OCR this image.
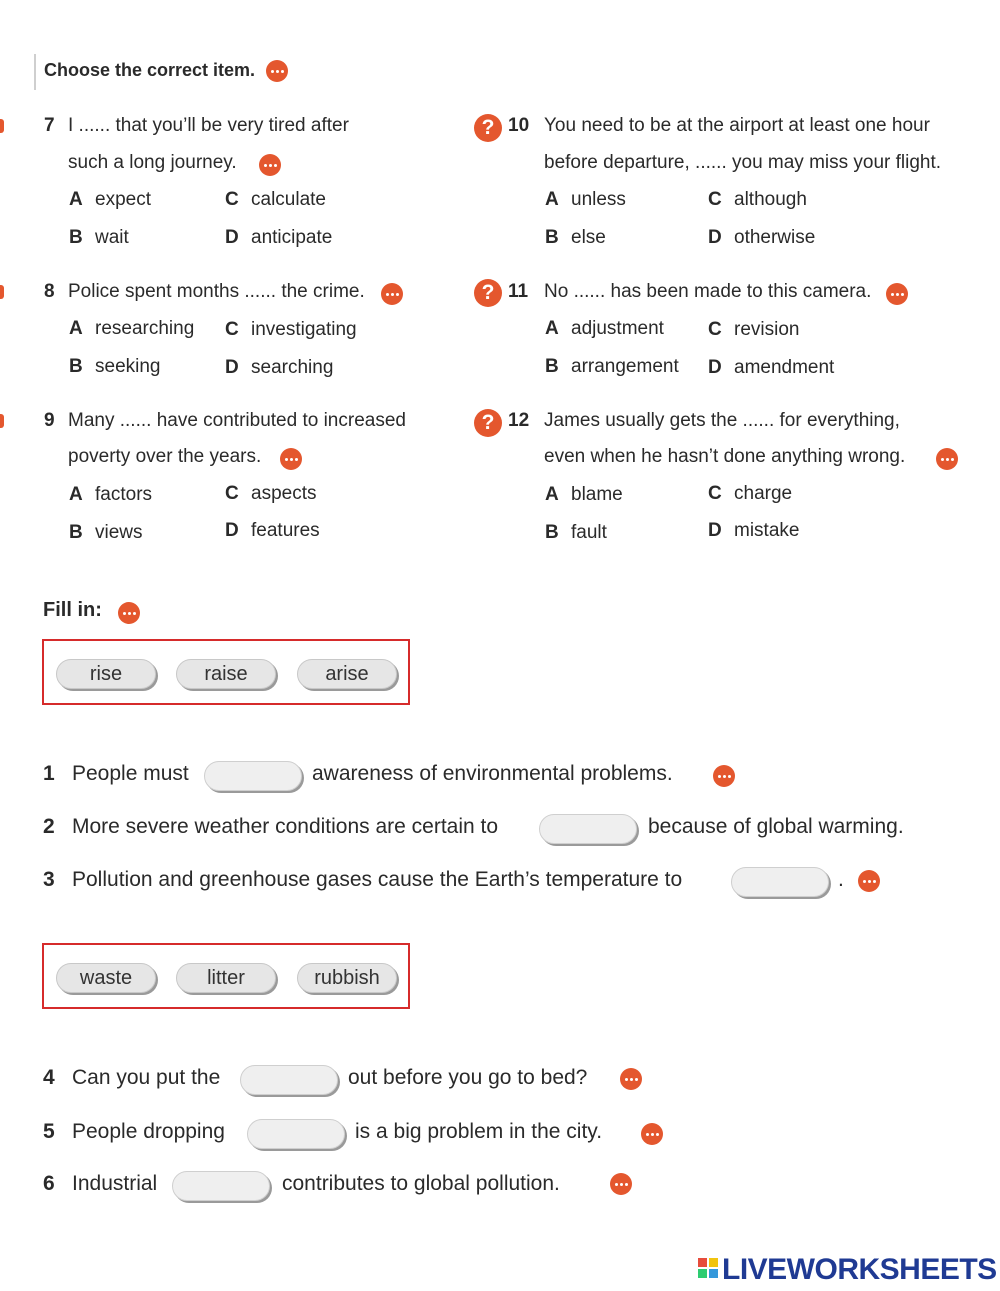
Choose the correct item.
7 I ...... that you’ll be very tired after
such a long journey.
A expect	C calculate
B wait	D anticipate
8 Police spent months ...... the crime.
A researching C investigating
B seeking	D searching
9 Many ...... have contributed to increased
poverty over the years.
A factors	C aspects
B views	D features
? 10 You need to be at the airport at least one hour
before departure, ...... you may miss your flight.
A unless	C although
B else	D otherwise
? 11 No ...... has been made to this camera.
A adjustment C revision
B arrangement D amendment
? 12 James usually gets the ...... for everything,
even when he hasn’t done anything wrong.
A blame	C charge
B fault	D mistake
Fill in:
rise	raise	arise
1 People must	awareness of environmental problems.
2 More severe weather conditions are certain to	because of global warming.
3 Pollution and greenhouse gases cause the Earth’s temperature to	.
waste	litter	rubbish
4 Can you put the	out before you go to bed?
5 People dropping	is a big problem in the city.
6 Industrial	contributes to global pollution.
LIVEWORKSHEETS
